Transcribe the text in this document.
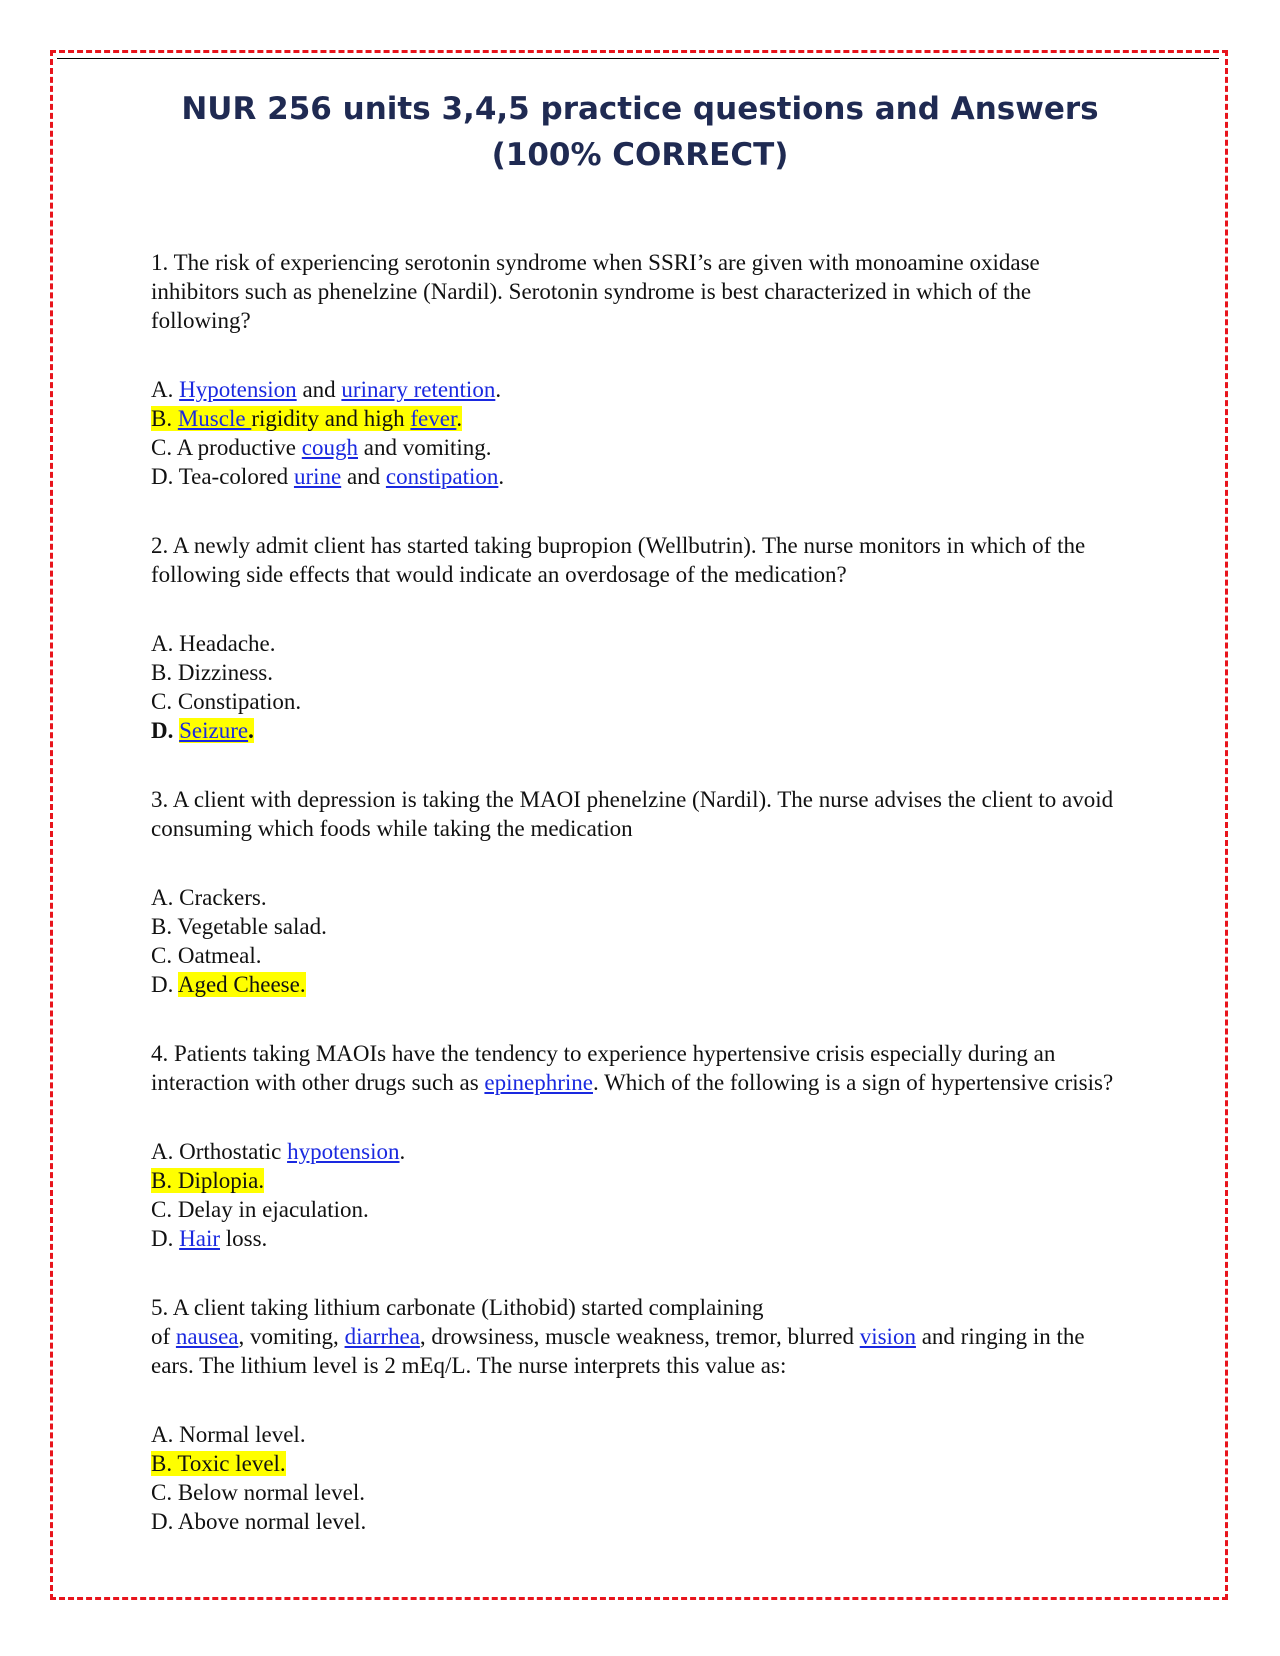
NUR 256 units 3,4,5 practice questions and Answers (100% CORRECT)

1. The risk of experiencing serotonin syndrome when SSRI’s are given with monoamine oxidase inhibitors such as phenelzine (Nardil). Serotonin syndrome is best characterized in which of the following?

A. Hypotension and urinary retention.
B. Muscle rigidity and high fever.
C. A productive cough and vomiting.
D. Tea-colored urine and constipation.

2. A newly admit client has started taking bupropion (Wellbutrin). The nurse monitors in which of the following side effects that would indicate an overdosage of the medication?

A. Headache.
B. Dizziness.
C. Constipation.
D. Seizure.

3. A client with depression is taking the MAOI phenelzine (Nardil). The nurse advises the client to avoid consuming which foods while taking the medication

A. Crackers.
B. Vegetable salad.
C. Oatmeal.
D. Aged Cheese.

4. Patients taking MAOIs have the tendency to experience hypertensive crisis especially during an interaction with other drugs such as epinephrine. Which of the following is a sign of hypertensive crisis?

A. Orthostatic hypotension.
B. Diplopia.
C. Delay in ejaculation.
D. Hair loss.

5. A client taking lithium carbonate (Lithobid) started complaining
of nausea, vomiting, diarrhea, drowsiness, muscle weakness, tremor, blurred vision and ringing in the ears. The lithium level is 2 mEq/L. The nurse interprets this value as:

A. Normal level.
B. Toxic level.
C. Below normal level.
D. Above normal level.
